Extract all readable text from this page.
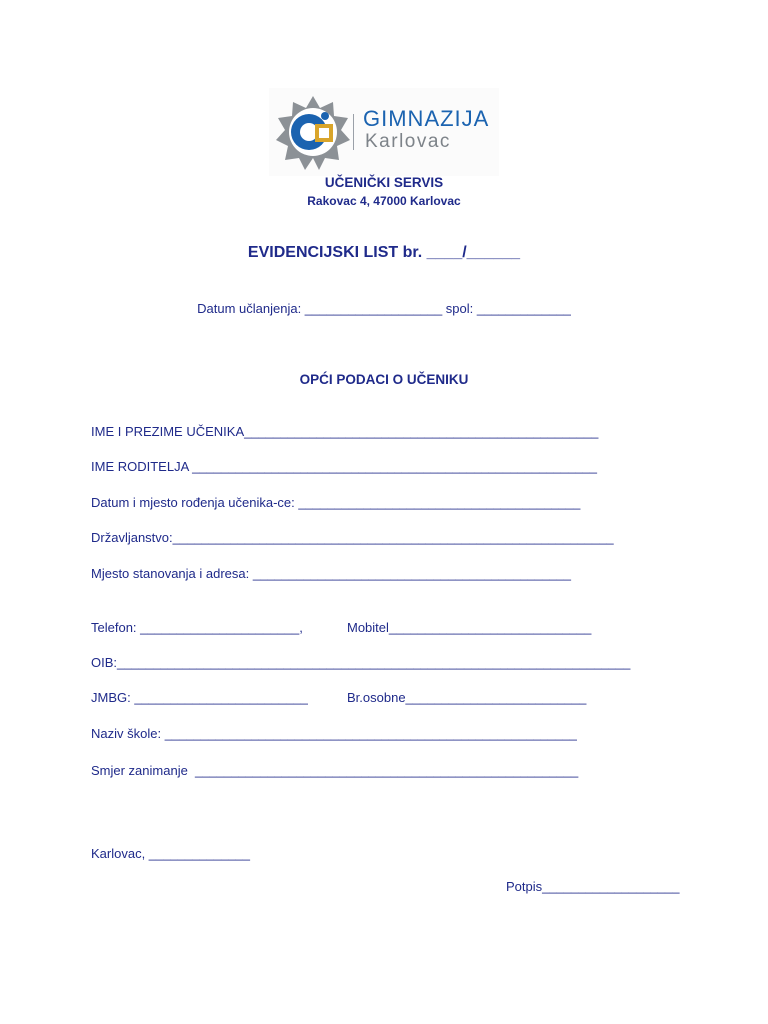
GIMNAZIJA
Karlovac
UČENIČKI SERVIS
Rakovac 4, 47000 Karlovac
EVIDENCIJSKI LIST br. ____/______
Datum učlanjenja: ___________________ spol: _____________
OPĆI PODACI O UČENIKU
IME I PREZIME UČENIKA_________________________________________________
IME RODITELJA ________________________________________________________
Datum i mjesto rođenja učenika-ce: _______________________________________
Državljanstvo:_____________________________________________________________
Mjesto stanovanja i adresa: ____________________________________________
Telefon: ______________________,	Mobitel____________________________
OIB:_______________________________________________________________________
JMBG: ________________________	Br.osobne_________________________
Naziv škole: _________________________________________________________
Smjer zanimanje  _____________________________________________________
Karlovac, ______________
Potpis___________________
